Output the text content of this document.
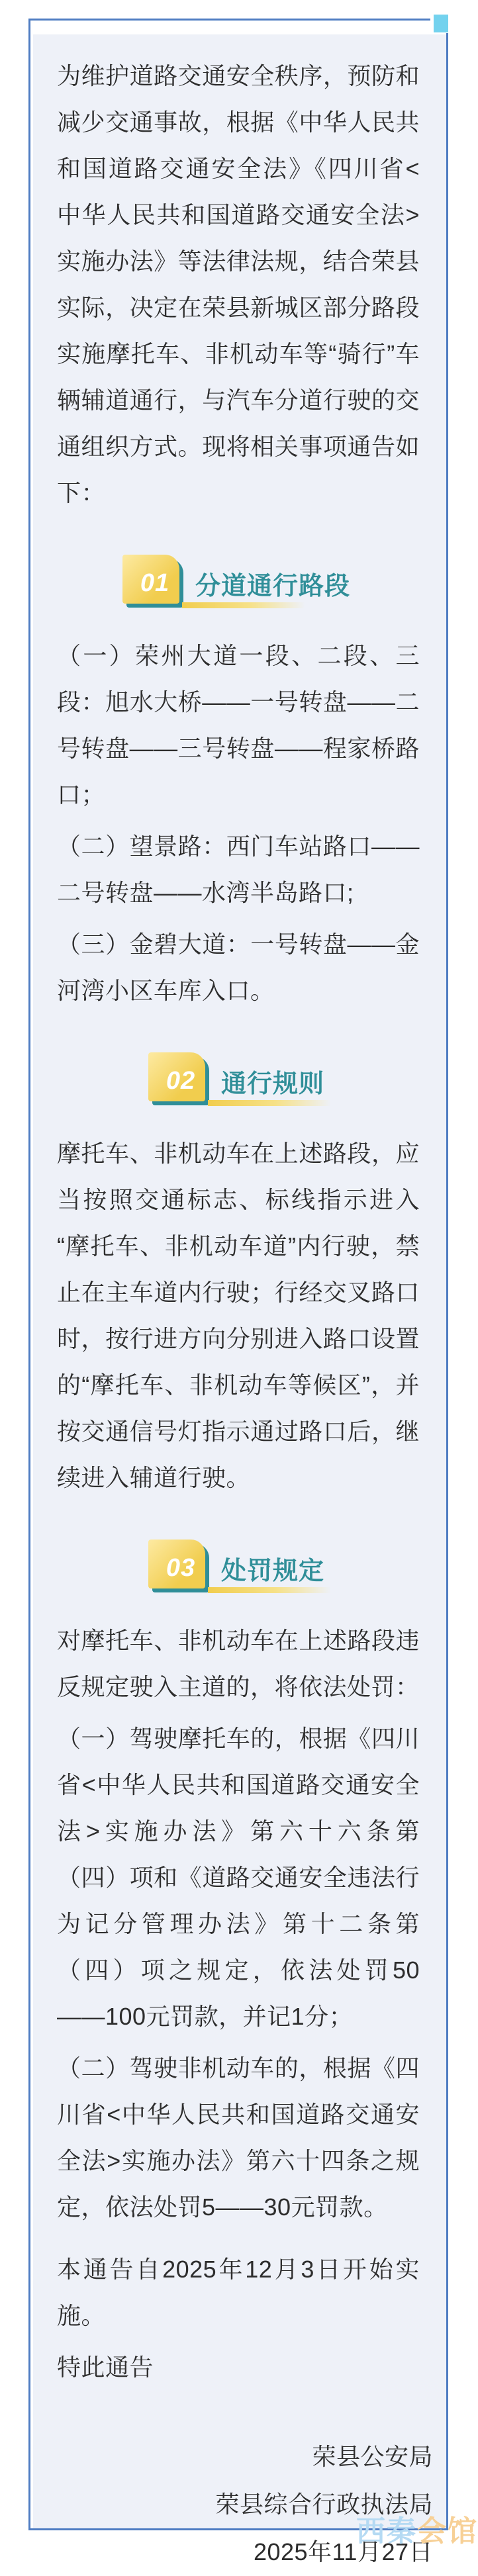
为维护道路交通安全秩序，预防和减少交通事故，根据《中华人民共和国道路交通安全法》《四川省<中华人民共和国道路交通安全法>实施办法》等法律法规，结合荣县实际，决定在荣县新城区部分路段实施摩托车、非机动车等“骑行”车辆辅道通行，与汽车分道行驶的交通组织方式。现将相关事项通告如下：

01 分道通行路段

（一）荣州大道一段、二段、三段：旭水大桥——一号转盘——二号转盘——三号转盘——程家桥路口；

（二）望景路：西门车站路口——二号转盘——水湾半岛路口;

（三）金碧大道：一号转盘——金河湾小区车库入口。

02 通行规则

摩托车、非机动车在上述路段，应当按照交通标志、标线指示进入“摩托车、非机动车道”内行驶，禁止在主车道内行驶；行经交叉路口时，按行进方向分别进入路口设置的“摩托车、非机动车等候区”，并按交通信号灯指示通过路口后，继续进入辅道行驶。

03 处罚规定

对摩托车、非机动车在上述路段违反规定驶入主道的，将依法处罚：

（一）驾驶摩托车的，根据《四川省<中华人民共和国道路交通安全法>实施办法》第六十六条第（四）项和《道路交通安全违法行为记分管理办法》第十二条第（四）项之规定，依法处罚50——100元罚款，并记1分；

（二）驾驶非机动车的，根据《四川省<中华人民共和国道路交通安全法>实施办法》第六十四条之规定，依法处罚5——30元罚款。

本通告自2025年12月3日开始实施。

特此通告

荣县公安局
荣县综合行政执法局
2025年11月27日
西秦会馆
